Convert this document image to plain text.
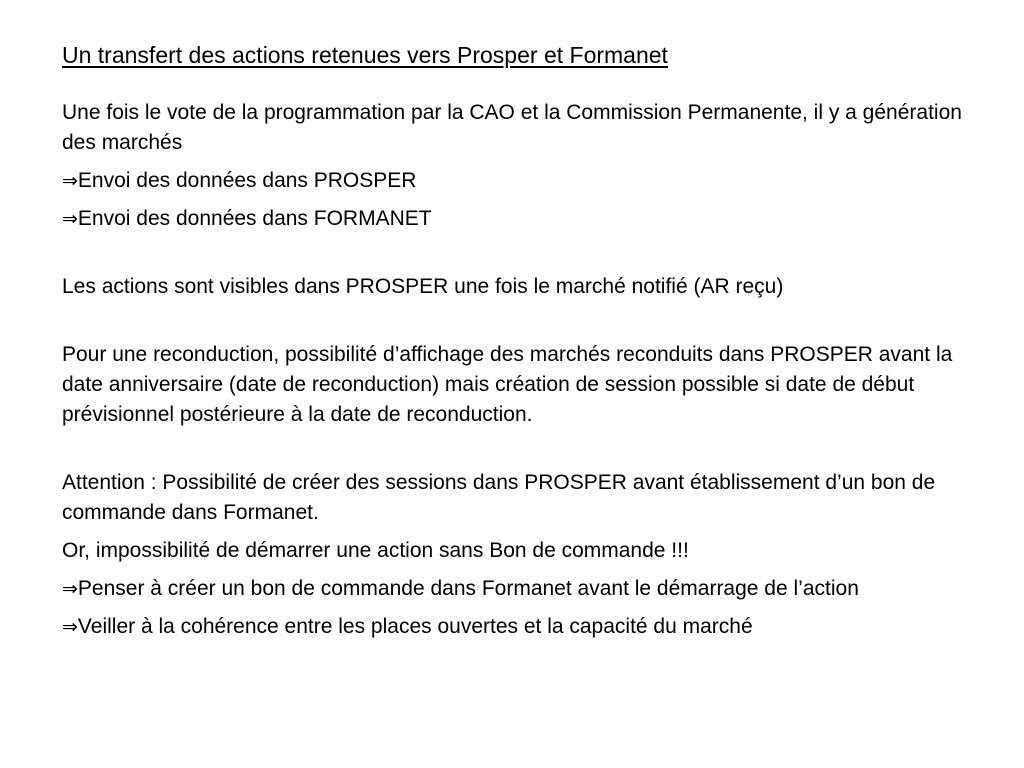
Un transfert des actions retenues vers Prosper et Formanet

Une fois le vote de la programmation par la CAO et la Commission Permanente, il y a génération des marchés

⇒Envoi des données dans PROSPER

⇒Envoi des données dans FORMANET

Les actions sont visibles dans PROSPER une fois le marché notifié (AR reçu)

Pour une reconduction, possibilité d’affichage des marchés reconduits dans PROSPER avant la date anniversaire (date de reconduction) mais création de session possible si date de début prévisionnel postérieure à la date de reconduction.

Attention : Possibilité de créer des sessions dans PROSPER avant établissement d’un bon de commande dans Formanet.

Or, impossibilité de démarrer une action sans Bon de commande !!!

⇒Penser à créer un bon de commande dans Formanet avant le démarrage de l’action

⇒Veiller à la cohérence entre les places ouvertes et la capacité du marché
